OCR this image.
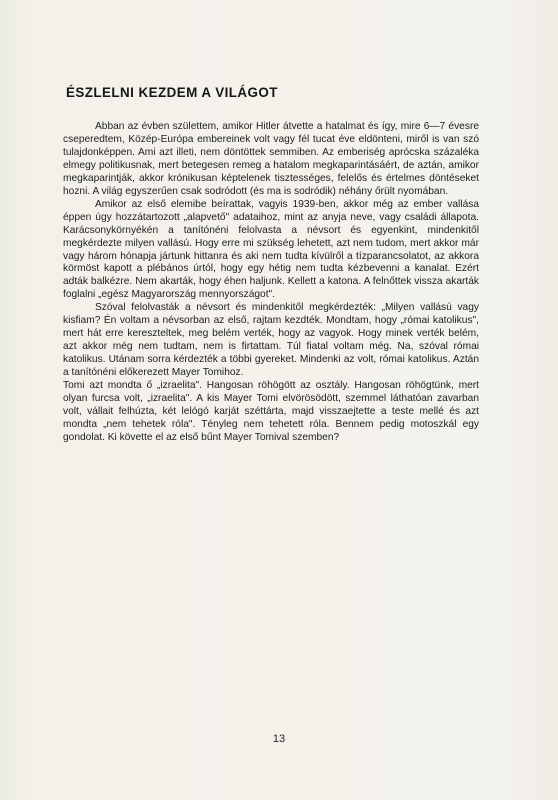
ÉSZLELNI KEZDEM A VILÁGOT

Abban az évben születtem, amikor Hitler átvette a hatalmat és így, mire 6—7 évesre cseperedtem, Közép-Európa embereinek volt vagy fél tucat éve eldönteni, miről is van szó tulajdonképpen. Ami azt illeti, nem döntöttek semmiben. Az emberiség aprócska százaléka elmegy politikusnak, mert betegesen remeg a hatalom megkaparintásáért, de aztán, amikor megkaparintják, akkor krónikusan képtelenek tisztességes, felelős és értelmes döntéseket hozni. A világ egyszerűen csak sodródott (és ma is sodródik) néhány őrült nyomában.

Amikor az első elemibe beírattak, vagyis 1939-ben, akkor még az ember vallása éppen úgy hozzátartozott „alapvető" adataihoz, mint az anyja neve, vagy családi állapota. Karácsonykörnyékén a tanítónéni felolvasta a névsort és egyenkint, mindenkitől megkérdezte milyen vallású. Hogy erre mi szükség lehetett, azt nem tudom, mert akkor már vagy három hónapja jártunk hittanra és aki nem tudta kívülről a tízparancsolatot, az akkora körmöst kapott a plébános úrtól, hogy egy hétig nem tudta kézbevenni a kanalat. Ezért adták balkézre. Nem akarták, hogy éhen haljunk. Kellett a katona. A felnőttek vissza akarták foglalni „egész Magyarország mennyországot".

Szóval felolvasták a névsort és mindenkitől megkérdezték: „Milyen vallású vagy kisfiam? Én voltam a névsorban az első, rajtam kezdték. Mondtam, hogy „római katolikus", mert hát erre kereszteltek, meg belém verték, hogy az vagyok. Hogy minek verték belém, azt akkor még nem tudtam, nem is firtattam. Túl fiatal voltam még. Na, szóval római katolikus. Utánam sorra kérdezték a többi gyereket. Mindenki az volt, római katolikus. Aztán a tanítónéni előkerezett Mayer Tomihoz.

Tomi azt mondta ő „izraelita". Hangosan röhögött az osztály. Hangosan röhögtünk, mert olyan furcsa volt, „izraelita". A kis Mayer Tomi elvörösödött, szemmel láthatóan zavarban volt, vállait felhúzta, két lelógó karját széttárta, majd visszaejtette a teste mellé és azt mondta „nem tehetek róla". Tényleg nem tehetett róla. Bennem pedig motoszkál egy gondolat. Ki követte el az első bűnt Mayer Tomival szemben?

13
